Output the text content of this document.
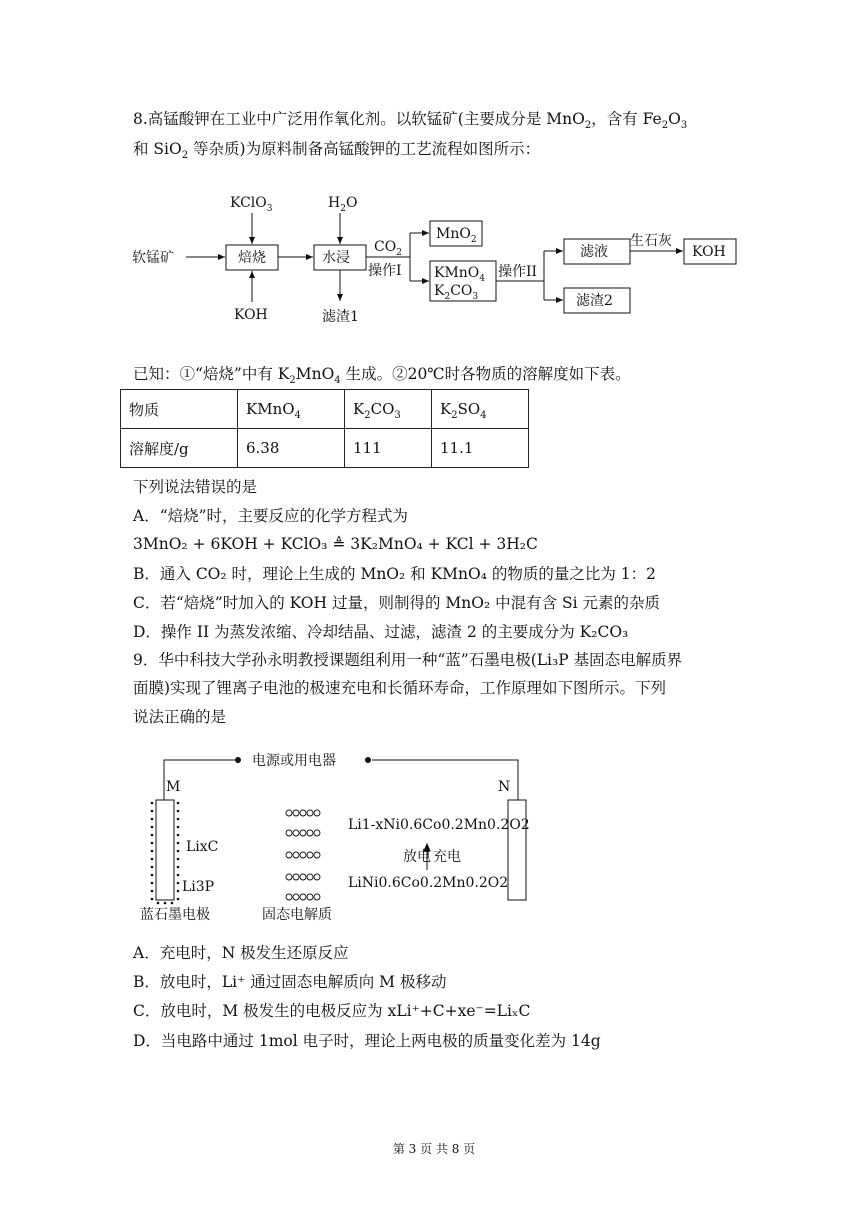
8.高锰酸钾在工业中广泛用作氧化剂。以软锰矿(主要成分是 MnO$_2$，含有 $Fe_2O_3$
和 SiO$_2$ 等杂质)为原料制备高锰酸钾的工艺流程如图所示：
软锰矿
KClO$_3$	$H_2O$
焙烧
KOH
水浸
滤渣1
$CO_2$
操作I
MnO$_2$
KMnO$_4$
$K_2CO_3$
操作II
滤液
生石灰
KOH
滤渣2
已知：①“焙烧”中有 $K_2MnO_4$ 生成。②20℃时各物质的溶解度如下表。
物质	KMnO$_4$	$K_2CO_3$	$K_2SO_4$
溶解度/g	6.38	111	11.1
下列说法错误的是
A．“焙烧”时，主要反应的化学方程式为
3MnO₂ + 6KOH + KClO₃ ≜ 3K₂MnO₄ + KCl + 3H₂C
B．通入 CO₂ 时，理论上生成的 MnO₂ 和 KMnO₄ 的物质的量之比为 1：2
C．若“焙烧”时加入的 KOH 过量，则制得的 MnO₂ 中混有含 Si 元素的杂质
D．操作 II 为蒸发浓缩、冷却结晶、过滤，滤渣 2 的主要成分为 K₂CO₃
9．华中科技大学孙永明教授课题组利用一种“蓝”石墨电极(Li₃P 基固态电解质界
面膜)实现了锂离子电池的极速充电和长循环寿命，工作原理如下图所示。下列
说法正确的是
电源或用电器
M	N
LixC
Li3P
Li1-xNi0.6Co0.2Mn0.2O2
放电 充电
LiNi0.6Co0.2Mn0.2O2
蓝石墨电极	固态电解质
A．充电时，N 极发生还原反应
B．放电时，Li⁺ 通过固态电解质向 M 极移动
C．放电时，M 极发生的电极反应为 xLi⁺+C+xe⁻=LiₓC
D．当电路中通过 1mol 电子时，理论上两电极的质量变化差为 14g
第 3 页 共 8 页
